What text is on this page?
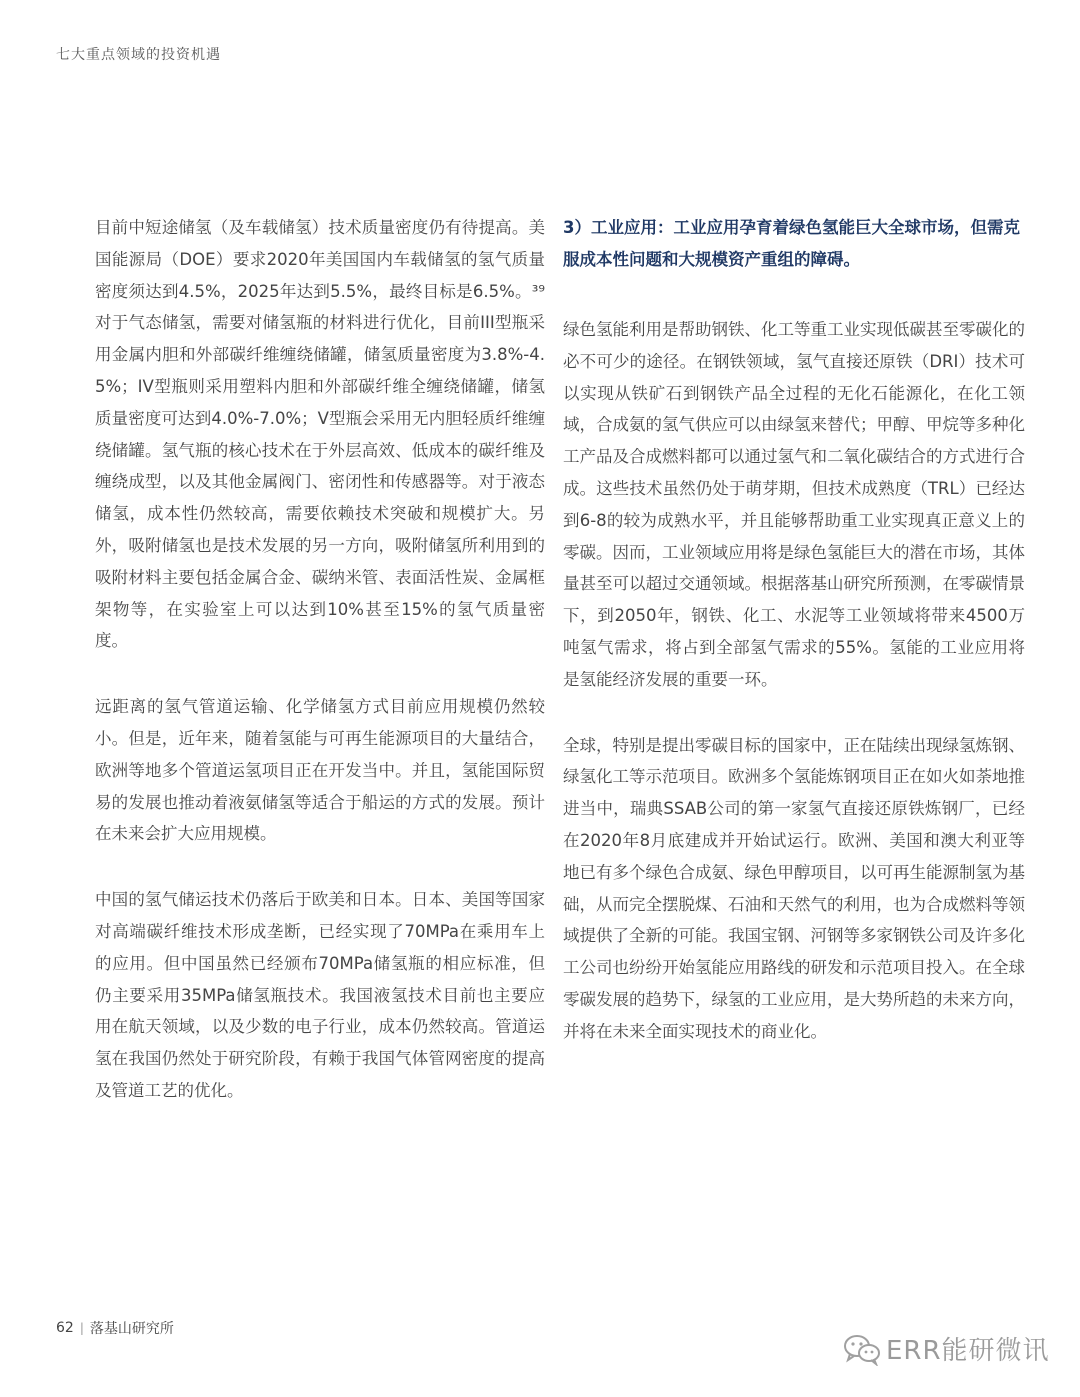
七大重点领域的投资机遇

目前中短途储氢（及车载储氢）技术质量密度仍有待提高。美国能源局（DOE）要求2020年美国国内车载储氢的氢气质量密度须达到4.5%，2025年达到5.5%，最终目标是6.5%。³⁹对于气态储氢，需要对储氢瓶的材料进行优化，目前III型瓶采用金属内胆和外部碳纤维缠绕储罐，储氢质量密度为3.8%-4.5%；IV型瓶则采用塑料内胆和外部碳纤维全缠绕储罐，储氢质量密度可达到4.0%-7.0%；V型瓶会采用无内胆轻质纤维缠绕储罐。氢气瓶的核心技术在于外层高效、低成本的碳纤维及缠绕成型，以及其他金属阀门、密闭性和传感器等。对于液态储氢，成本性仍然较高，需要依赖技术突破和规模扩大。另外，吸附储氢也是技术发展的另一方向，吸附储氢所利用到的吸附材料主要包括金属合金、碳纳米管、表面活性炭、金属框架物等，在实验室上可以达到10%甚至15%的氢气质量密度。

远距离的氢气管道运输、化学储氢方式目前应用规模仍然较小。但是，近年来，随着氢能与可再生能源项目的大量结合，欧洲等地多个管道运氢项目正在开发当中。并且，氢能国际贸易的发展也推动着液氨储氢等适合于船运的方式的发展。预计在未来会扩大应用规模。

中国的氢气储运技术仍落后于欧美和日本。日本、美国等国家对高端碳纤维技术形成垄断，已经实现了70MPa在乘用车上的应用。但中国虽然已经颁布70MPa储氢瓶的相应标准，但仍主要采用35MPa储氢瓶技术。我国液氢技术目前也主要应用在航天领域，以及少数的电子行业，成本仍然较高。管道运氢在我国仍然处于研究阶段，有赖于我国气体管网密度的提高及管道工艺的优化。

3）工业应用：工业应用孕育着绿色氢能巨大全球市场，但需克服成本性问题和大规模资产重组的障碍。

绿色氢能利用是帮助钢铁、化工等重工业实现低碳甚至零碳化的必不可少的途径。在钢铁领域，氢气直接还原铁（DRI）技术可以实现从铁矿石到钢铁产品全过程的无化石能源化，在化工领域，合成氨的氢气供应可以由绿氢来替代；甲醇、甲烷等多种化工产品及合成燃料都可以通过氢气和二氧化碳结合的方式进行合成。这些技术虽然仍处于萌芽期，但技术成熟度（TRL）已经达到6-8的较为成熟水平，并且能够帮助重工业实现真正意义上的零碳。因而，工业领域应用将是绿色氢能巨大的潜在市场，其体量甚至可以超过交通领域。根据落基山研究所预测，在零碳情景下，到2050年，钢铁、化工、水泥等工业领域将带来4500万吨氢气需求，将占到全部氢气需求的55%。氢能的工业应用将是氢能经济发展的重要一环。

全球，特别是提出零碳目标的国家中，正在陆续出现绿氢炼钢、绿氢化工等示范项目。欧洲多个氢能炼钢项目正在如火如荼地推进当中，瑞典SSAB公司的第一家氢气直接还原铁炼钢厂，已经在2020年8月底建成并开始试运行。欧洲、美国和澳大利亚等地已有多个绿色合成氨、绿色甲醇项目，以可再生能源制氢为基础，从而完全摆脱煤、石油和天然气的利用，也为合成燃料等领域提供了全新的可能。我国宝钢、河钢等多家钢铁公司及许多化工公司也纷纷开始氢能应用路线的研发和示范项目投入。在全球零碳发展的趋势下，绿氢的工业应用，是大势所趋的未来方向，并将在未来全面实现技术的商业化。

62 | 落基山研究所
ERR能研微讯
